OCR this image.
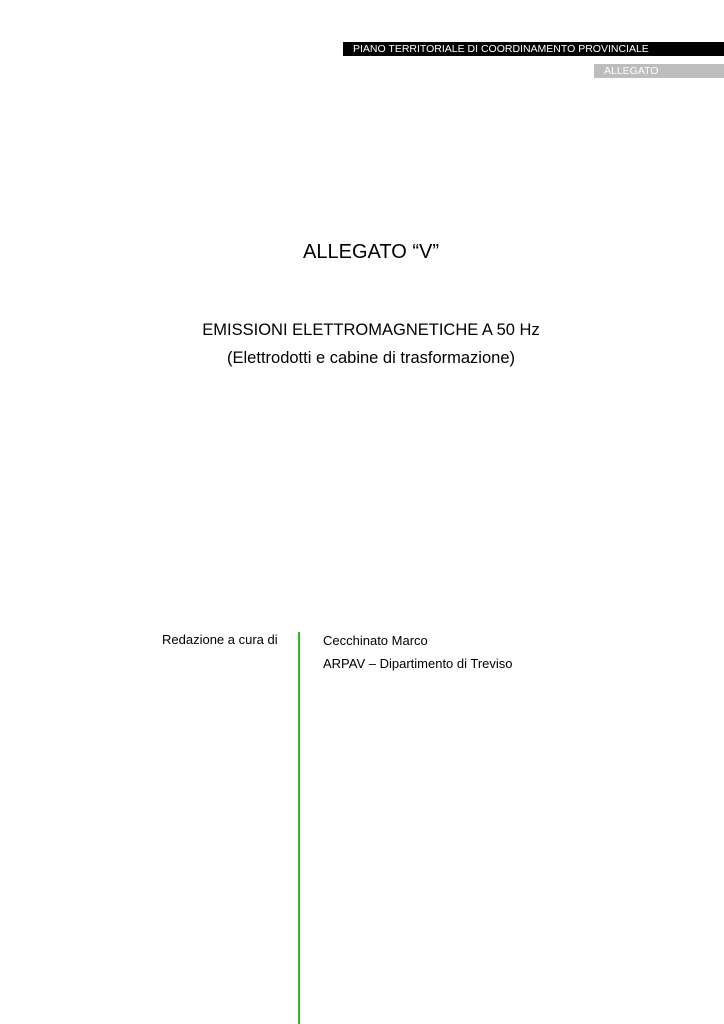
PIANO TERRITORIALE DI COORDINAMENTO PROVINCIALE
ALLEGATO
ALLEGATO “V”
EMISSIONI ELETTROMAGNETICHE A 50 Hz
(Elettrodotti e cabine di trasformazione)
Redazione a cura di	Cecchinato Marco
ARPAV – Dipartimento di Treviso
